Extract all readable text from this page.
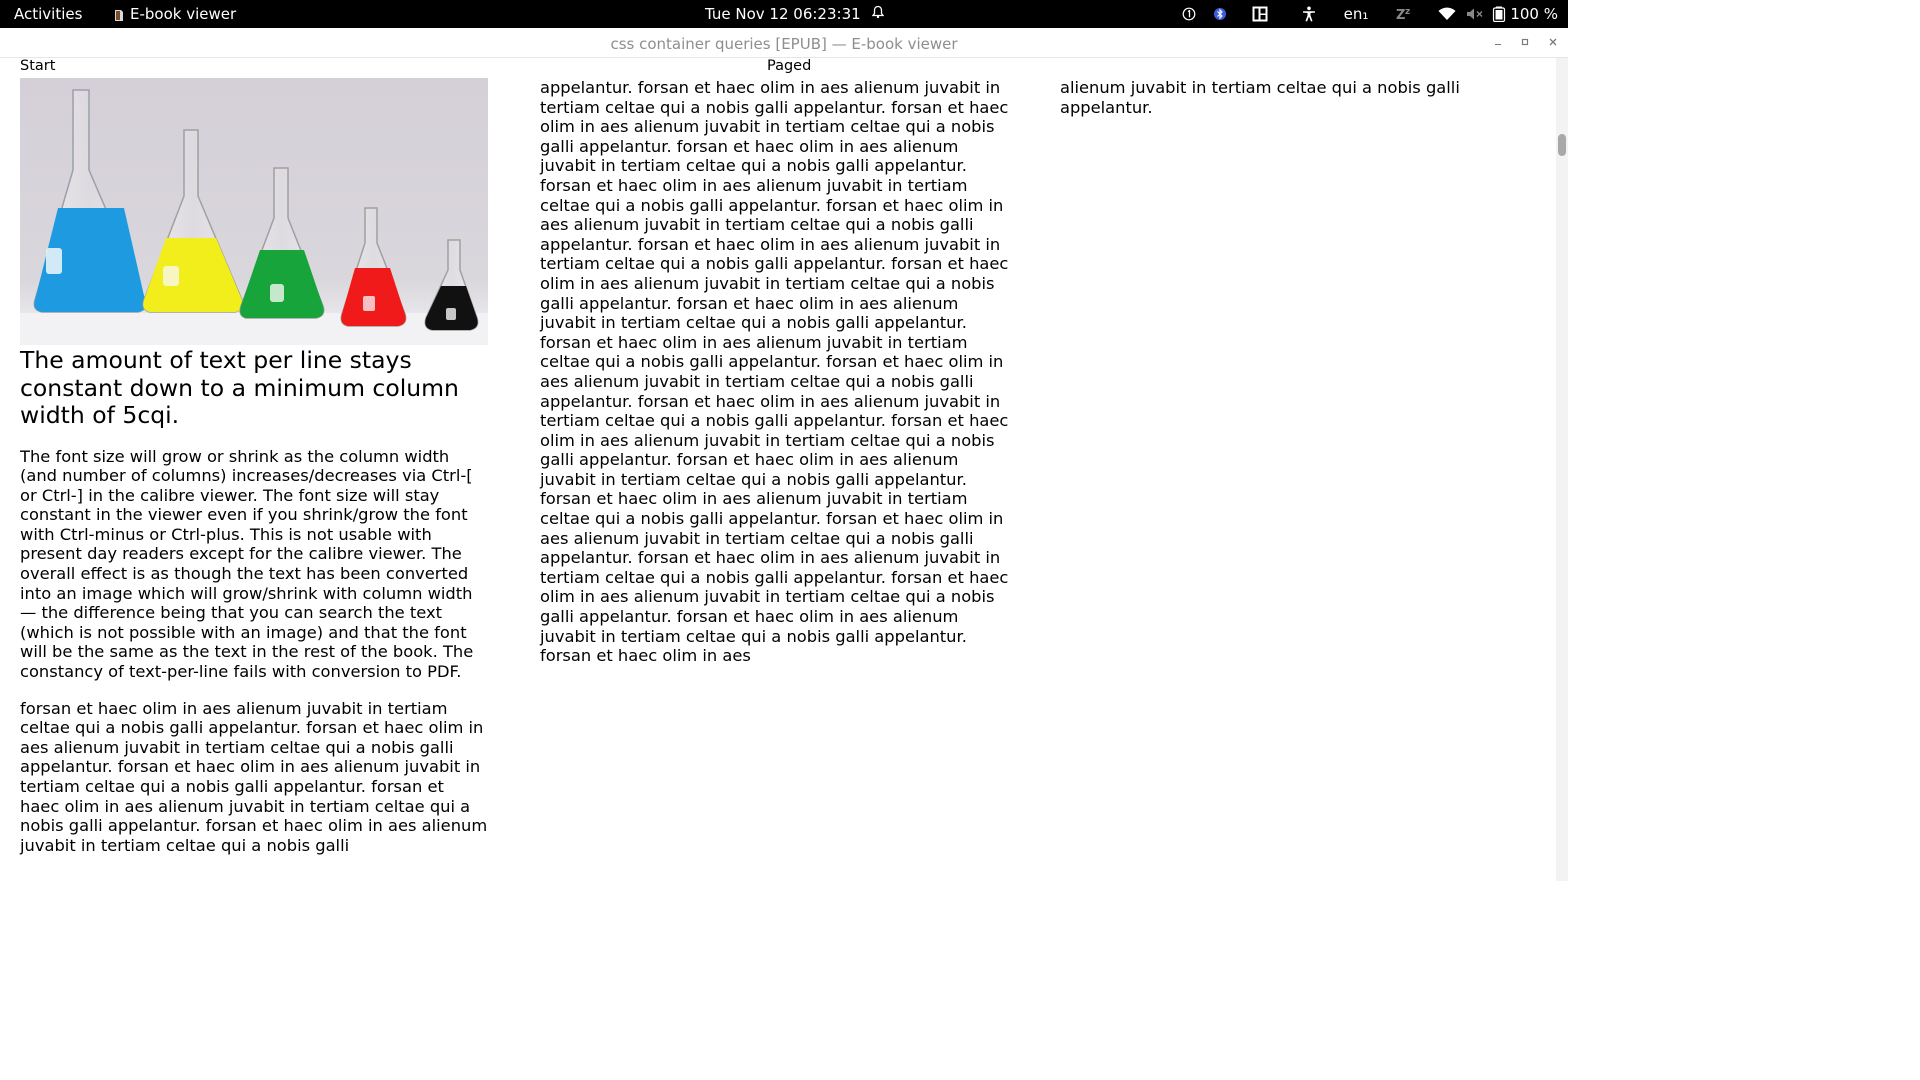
Activities	E-book viewer	Tue Nov 12 06:23:31	en₁ Z z	100 %
css container queries [EPUB] — E-book viewer
Start	Paged
The amount of text per line stays constant down to a minimum column width of 5cqi.

The font size will grow or shrink as the column width (and number of columns) increases/decreases via Ctrl-[ or Ctrl-] in the calibre viewer. The font size will stay constant in the viewer even if you shrink/grow the font with Ctrl-minus or Ctrl-plus. This is not usable with present day readers except for the calibre viewer. The overall effect is as though the text has been converted into an image which will grow/shrink with column width — the difference being that you can search the text (which is not possible with an image) and that the font will be the same as the text in the rest of the book. The constancy of text-per-line fails with conversion to PDF.

forsan et haec olim in aes alienum juvabit in tertiam celtae qui a nobis galli appelantur. forsan et haec olim in aes alienum juvabit in tertiam celtae qui a nobis galli appelantur. forsan et haec olim in aes alienum juvabit in tertiam celtae qui a nobis galli appelantur. forsan et haec olim in aes alienum juvabit in tertiam celtae qui a nobis galli appelantur. forsan et haec olim in aes alienum juvabit in tertiam celtae qui a nobis galli

appelantur. forsan et haec olim in aes alienum juvabit in tertiam celtae qui a nobis galli appelantur. forsan et haec olim in aes alienum juvabit in tertiam celtae qui a nobis galli appelantur. forsan et haec olim in aes alienum juvabit in tertiam celtae qui a nobis galli appelantur. forsan et haec olim in aes alienum juvabit in tertiam celtae qui a nobis galli appelantur. forsan et haec olim in aes alienum juvabit in tertiam celtae qui a nobis galli appelantur. forsan et haec olim in aes alienum juvabit in tertiam celtae qui a nobis galli appelantur. forsan et haec olim in aes alienum juvabit in tertiam celtae qui a nobis galli appelantur. forsan et haec olim in aes alienum juvabit in tertiam celtae qui a nobis galli appelantur. forsan et haec olim in aes alienum juvabit in tertiam celtae qui a nobis galli appelantur. forsan et haec olim in aes alienum juvabit in tertiam celtae qui a nobis galli appelantur. forsan et haec olim in aes alienum juvabit in tertiam celtae qui a nobis galli appelantur. forsan et haec olim in aes alienum juvabit in tertiam celtae qui a nobis galli appelantur. forsan et haec olim in aes alienum juvabit in tertiam celtae qui a nobis galli appelantur. forsan et haec olim in aes alienum juvabit in tertiam celtae qui a nobis galli appelantur. forsan et haec olim in aes alienum juvabit in tertiam celtae qui a nobis galli appelantur. forsan et haec olim in aes alienum juvabit in tertiam celtae qui a nobis galli appelantur. forsan et haec olim in aes alienum juvabit in tertiam celtae qui a nobis galli appelantur. forsan et haec olim in aes alienum juvabit in tertiam celtae qui a nobis galli appelantur. forsan et haec olim in aes

alienum juvabit in tertiam celtae qui a nobis galli appelantur.
